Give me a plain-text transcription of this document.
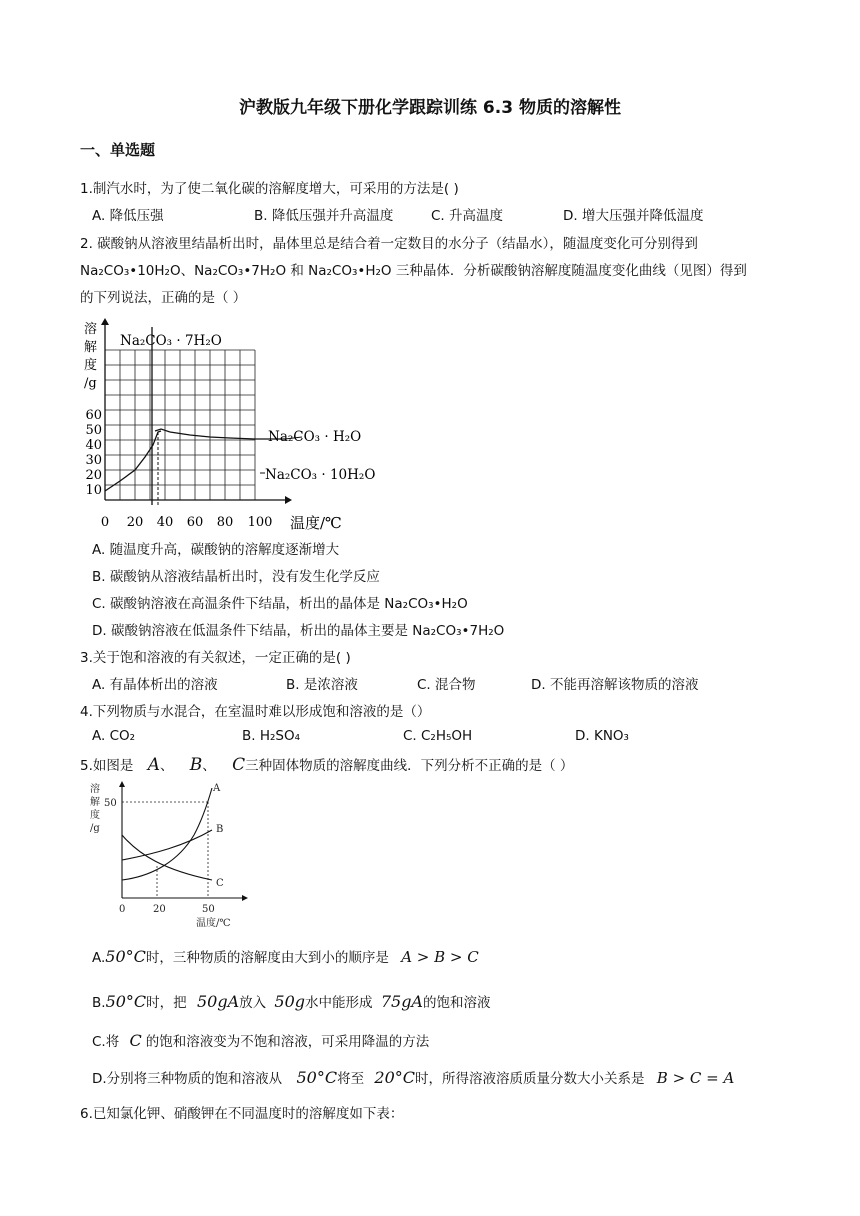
沪教版九年级下册化学跟踪训练 6.3 物质的溶解性
一、单选题
1.制汽水时，为了使二氧化碳的溶解度增大，可采用的方法是( )
A. 降低压强	B. 降低压强并升高温度	C. 升高温度	D. 增大压强并降低温度
2. 碳酸钠从溶液里结晶析出时，晶体里总是结合着一定数目的水分子（结晶水），随温度变化可分别得到
Na₂CO₃•10H₂O、Na₂CO₃•7H₂O 和 Na₂CO₃•H₂O 三种晶体．分析碳酸钠溶解度随温度变化曲线（见图）得到
的下列说法，正确的是（ ）
溶
解
度
/g
60
50
40
30
20
10
0 20 40 60 80 100 温度/℃
Na₂CO₃ · 7H₂O
Na₂CO₃ · H₂O
Na₂CO₃ · 10H₂O
A. 随温度升高，碳酸钠的溶解度逐渐增大
B. 碳酸钠从溶液结晶析出时，没有发生化学反应
C. 碳酸钠溶液在高温条件下结晶，析出的晶体是 Na₂CO₃•H₂O
D. 碳酸钠溶液在低温条件下结晶，析出的晶体主要是 Na₂CO₃•7H₂O
3.关于饱和溶液的有关叙述，一定正确的是( )
A. 有晶体析出的溶液	B. 是浓溶液	C. 混合物	D. 不能再溶解该物质的溶液
4.下列物质与水混合，在室温时难以形成饱和溶液的是（）
A. CO₂	B. H₂SO₄	C. C₂H₅OH	D. KNO₃
5.如图是 A、 B、 C三种固体物质的溶解度曲线．下列分析不正确的是（ ）
溶
解
度
/g
50
A
B
C
0	20	50
温度/℃
A.50°C时，三种物质的溶解度由大到小的顺序是 A > B > C
B.50°C时，把 50gA放入 50g水中能形成 75gA的饱和溶液
C.将 C 的饱和溶液变为不饱和溶液，可采用降温的方法
D.分别将三种物质的饱和溶液从 50°C将至 20°C时，所得溶液溶质质量分数大小关系是 B > C = A
6.已知氯化钾、硝酸钾在不同温度时的溶解度如下表：
